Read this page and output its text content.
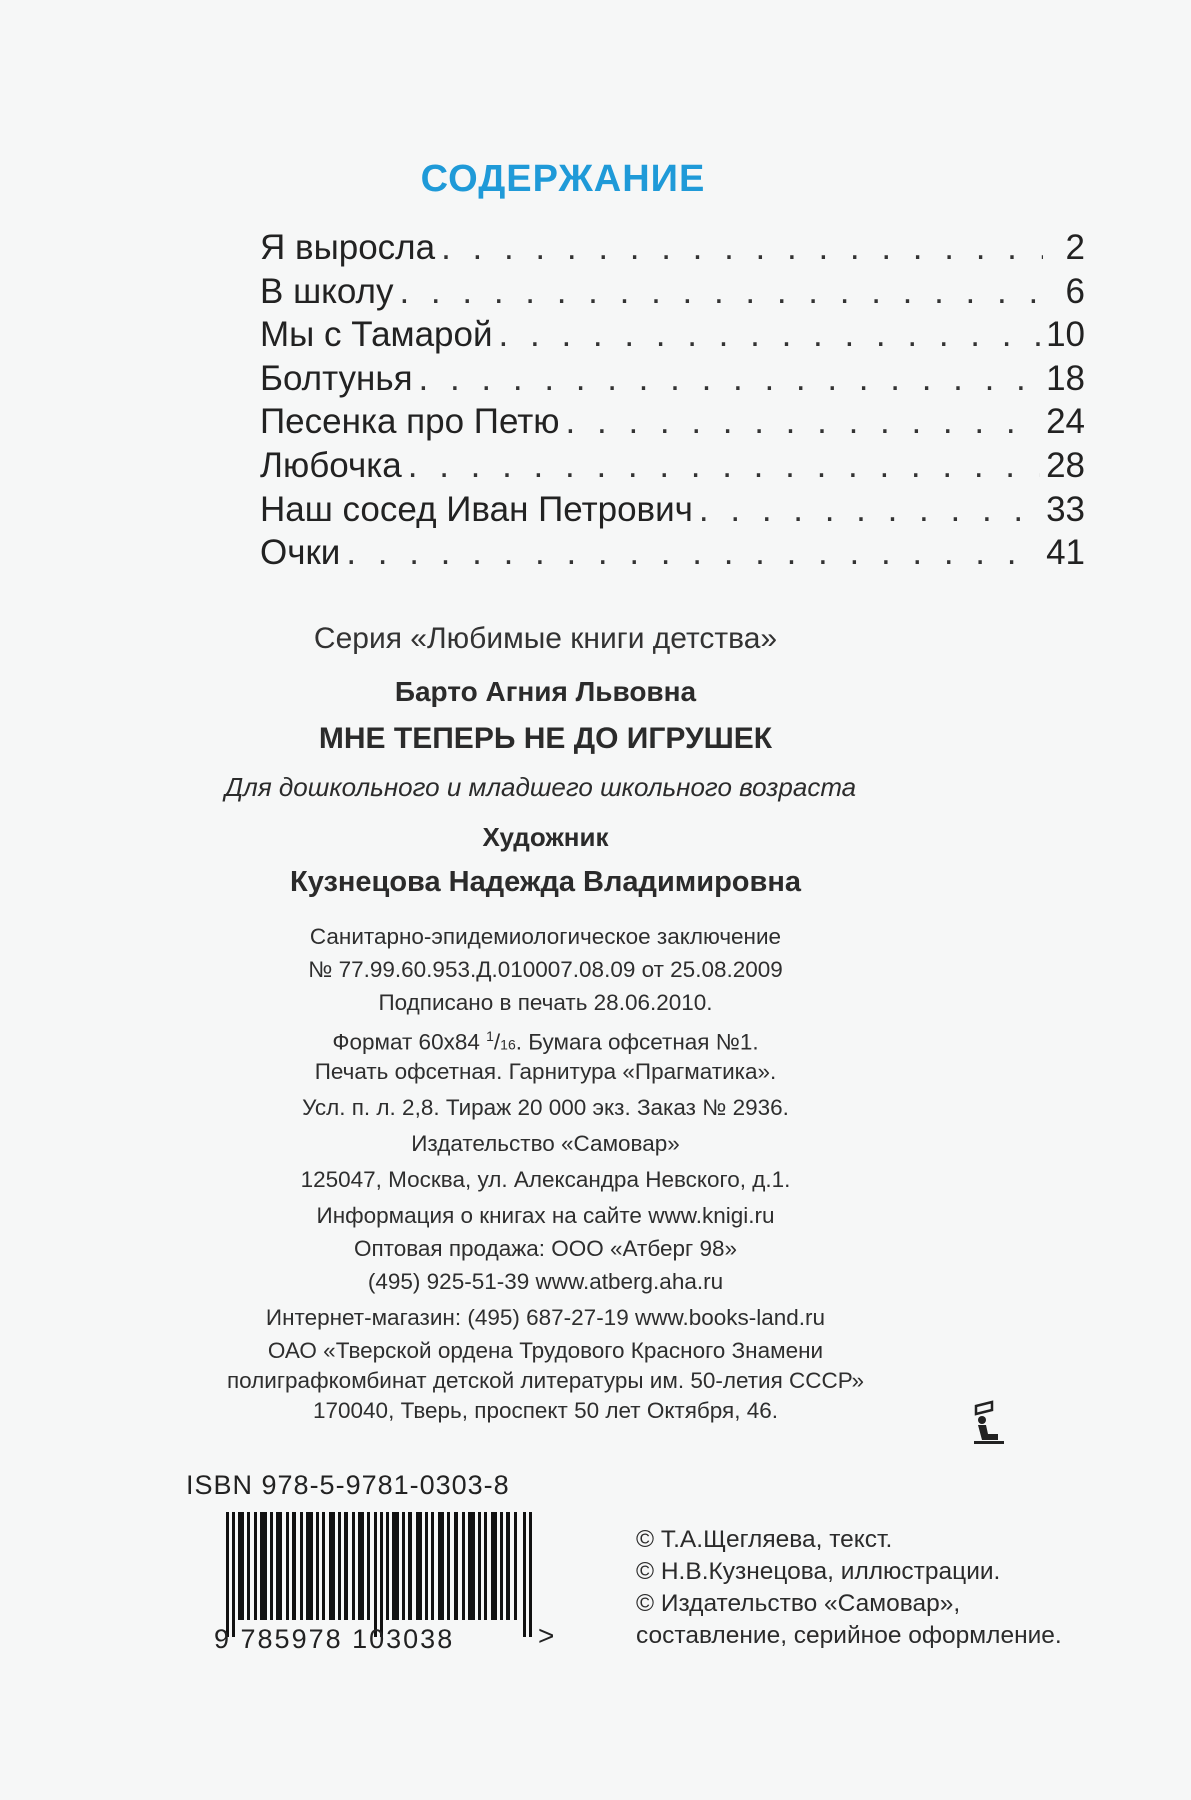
СОДЕРЖАНИЕ
Я выросла . . .	2
В школу . . .	6
Мы с Тамарой . . .	10
Болтунья . . .	18
Песенка про Петю . . .	24
Любочка . . .	28
Наш сосед Иван Петрович . . .	33
Очки . . .	41
Серия «Любимые книги детства»
Барто Агния Львовна
МНЕ ТЕПЕРЬ НЕ ДО ИГРУШЕК
Для дошкольного и младшего школьного возраста
Художник
Кузнецова Надежда Владимировна
Санитарно-эпидемиологическое заключение
№ 77.99.60.953.Д.010007.08.09 от 25.08.2009
Подписано в печать 28.06.2010.
Формат 60х84 $^1$/16. Бумага офсетная №1.
Печать офсетная. Гарнитура «Прагматика».
Усл. п. л. 2,8. Тираж 20 000 экз. Заказ № 2936.
Издательство «Самовар»
125047, Москва, ул. Александра Невского, д.1.
Информация о книгах на сайте www.knigi.ru
Оптовая продажа: ООО «Атберг 98»
(495) 925-51-39 www.atberg.aha.ru
Интернет-магазин: (495) 687-27-19 www.books-land.ru
ОАО «Тверской ордена Трудового Красного Знамени
полиграфкомбинат детской литературы им. 50-летия СССР»
170040, Тверь, проспект 50 лет Октября, 46.
ISBN 978-5-9781-0303-8
9 785978 103038	>
© Т.А.Щегляева, текст.
© Н.В.Кузнецова, иллюстрации.
© Издательство «Самовар»,
составление, серийное оформление.
